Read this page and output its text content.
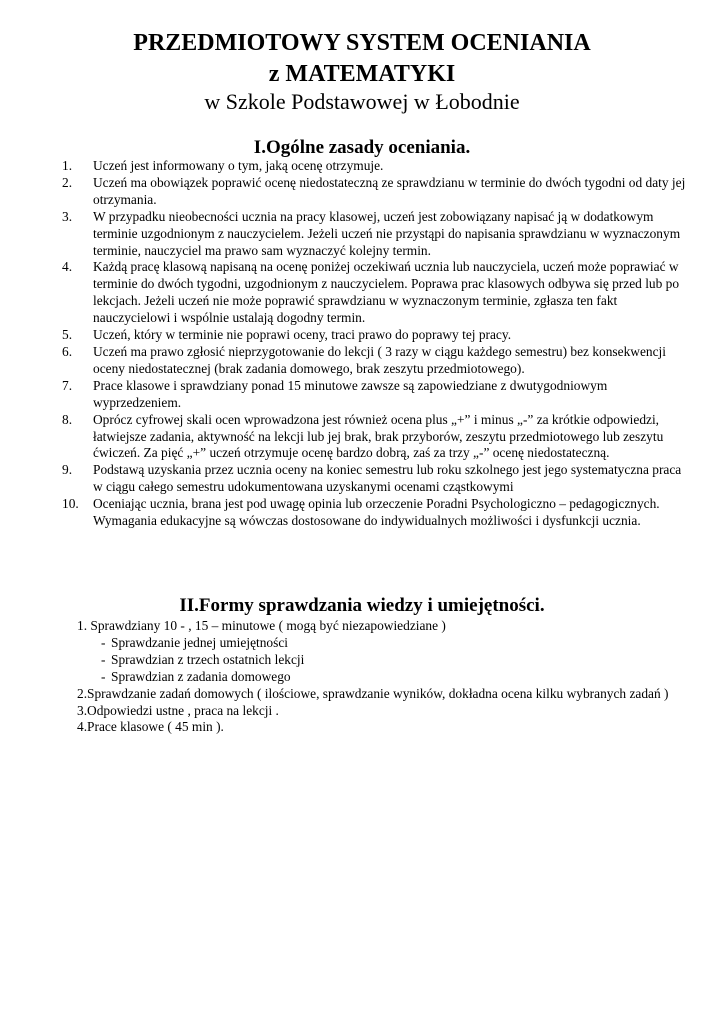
PRZEDMIOTOWY SYSTEM OCENIANIA
z MATEMATYKI
w Szkole Podstawowej w Łobodnie
I.Ogólne zasady oceniania.
1.	Uczeń jest informowany o tym, jaką ocenę otrzymuje.
2.	Uczeń ma obowiązek poprawić ocenę niedostateczną ze sprawdzianu w terminie do dwóch tygodni od daty jej otrzymania.
3.	W przypadku nieobecności ucznia na pracy klasowej, uczeń jest zobowiązany napisać ją w dodatkowym terminie uzgodnionym z nauczycielem. Jeżeli uczeń nie przystąpi do napisania sprawdzianu w wyznaczonym terminie, nauczyciel ma prawo sam wyznaczyć kolejny termin.
4.	Każdą pracę klasową napisaną na ocenę poniżej oczekiwań ucznia lub nauczyciela, uczeń może poprawiać w terminie do dwóch tygodni, uzgodnionym z nauczycielem. Poprawa prac klasowych odbywa się przed lub po lekcjach. Jeżeli uczeń nie może poprawić sprawdzianu w wyznaczonym terminie, zgłasza ten fakt nauczycielowi i wspólnie ustalają dogodny termin.
5.	Uczeń, który w terminie nie poprawi oceny, traci prawo do poprawy tej pracy.
6.	Uczeń ma prawo zgłosić nieprzygotowanie do lekcji ( 3 razy w ciągu każdego semestru) bez konsekwencji oceny niedostatecznej (brak zadania domowego, brak zeszytu przedmiotowego).
7.	Prace klasowe i sprawdziany ponad 15 minutowe zawsze są zapowiedziane z dwutygodniowym wyprzedzeniem.
8.	Oprócz cyfrowej skali ocen wprowadzona jest również ocena plus „+” i minus „-” za krótkie odpowiedzi, łatwiejsze zadania, aktywność na lekcji lub jej brak, brak przyborów, zeszytu przedmiotowego lub zeszytu ćwiczeń. Za pięć „+” uczeń otrzymuje ocenę bardzo dobrą, zaś za trzy „-” ocenę niedostateczną.
9.	Podstawą uzyskania przez ucznia oceny na koniec semestru lub roku szkolnego jest jego systematyczna praca w ciągu całego semestru udokumentowana uzyskanymi ocenami cząstkowymi
10.	Oceniając ucznia, brana jest pod uwagę opinia lub orzeczenie Poradni Psychologiczno – pedagogicznych. Wymagania edukacyjne są wówczas dostosowane do indywidualnych możliwości i dysfunkcji ucznia.
II.Formy sprawdzania wiedzy i umiejętności.
1. Sprawdziany 10 - , 15 – minutowe ( mogą być niezapowiedziane )
- Sprawdzanie jednej umiejętności
- Sprawdzian z trzech ostatnich lekcji
- Sprawdzian z zadania domowego
2.Sprawdzanie zadań domowych ( ilościowe, sprawdzanie wyników, dokładna ocena kilku wybranych zadań )
3.Odpowiedzi ustne , praca na lekcji .
4.Prace klasowe ( 45 min ).
